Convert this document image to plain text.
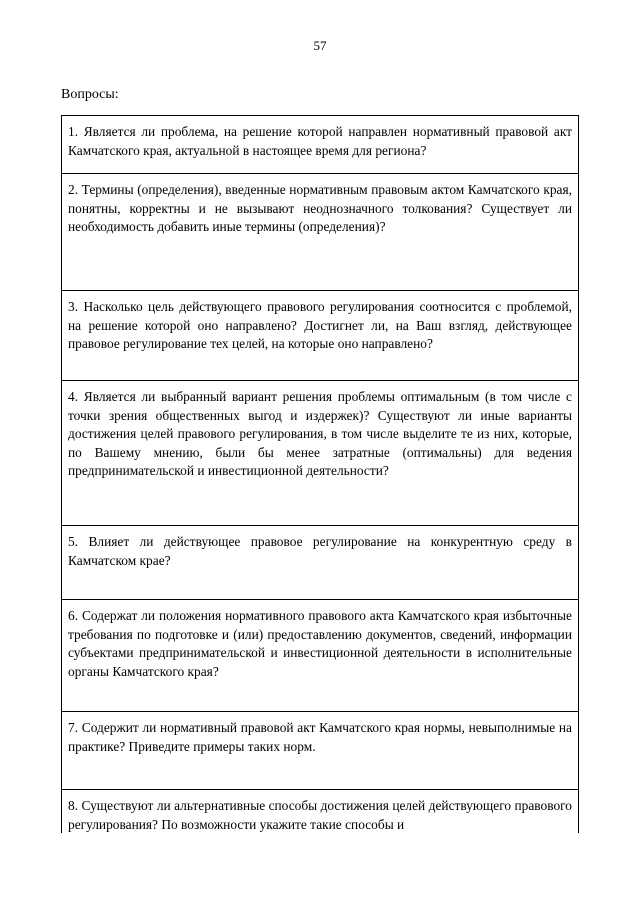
57
Вопросы:

1. Является ли проблема, на решение которой направлен нормативный правовой акт Камчатского края, актуальной в настоящее время для региона?

2. Термины (определения), введенные нормативным правовым актом Камчатского края, понятны, корректны и не вызывают неоднозначного толкования? Существует ли необходимость добавить иные термины (определения)?

3. Насколько цель действующего правового регулирования соотносится с проблемой, на решение которой оно направлено? Достигнет ли, на Ваш взгляд, действующее правовое регулирование тех целей, на которые оно направлено?

4. Является ли выбранный вариант решения проблемы оптимальным (в том числе с точки зрения общественных выгод и издержек)? Существуют ли иные варианты достижения целей правового регулирования, в том числе выделите те из них, которые, по Вашему мнению, были бы менее затратные (оптимальны) для ведения предпринимательской и инвестиционной деятельности?

5. Влияет ли действующее правовое регулирование на конкурентную среду в Камчатском крае?

6. Содержат ли положения нормативного правового акта Камчатского края избыточные требования по подготовке и (или) предоставлению документов, сведений, информации субъектами предпринимательской и инвестиционной деятельности в исполнительные органы Камчатского края?

7. Содержит ли нормативный правовой акт Камчатского края нормы, невыполнимые на практике? Приведите примеры таких норм.

8. Существуют ли альтернативные способы достижения целей действующего правового регулирования? По возможности укажите такие способы и
